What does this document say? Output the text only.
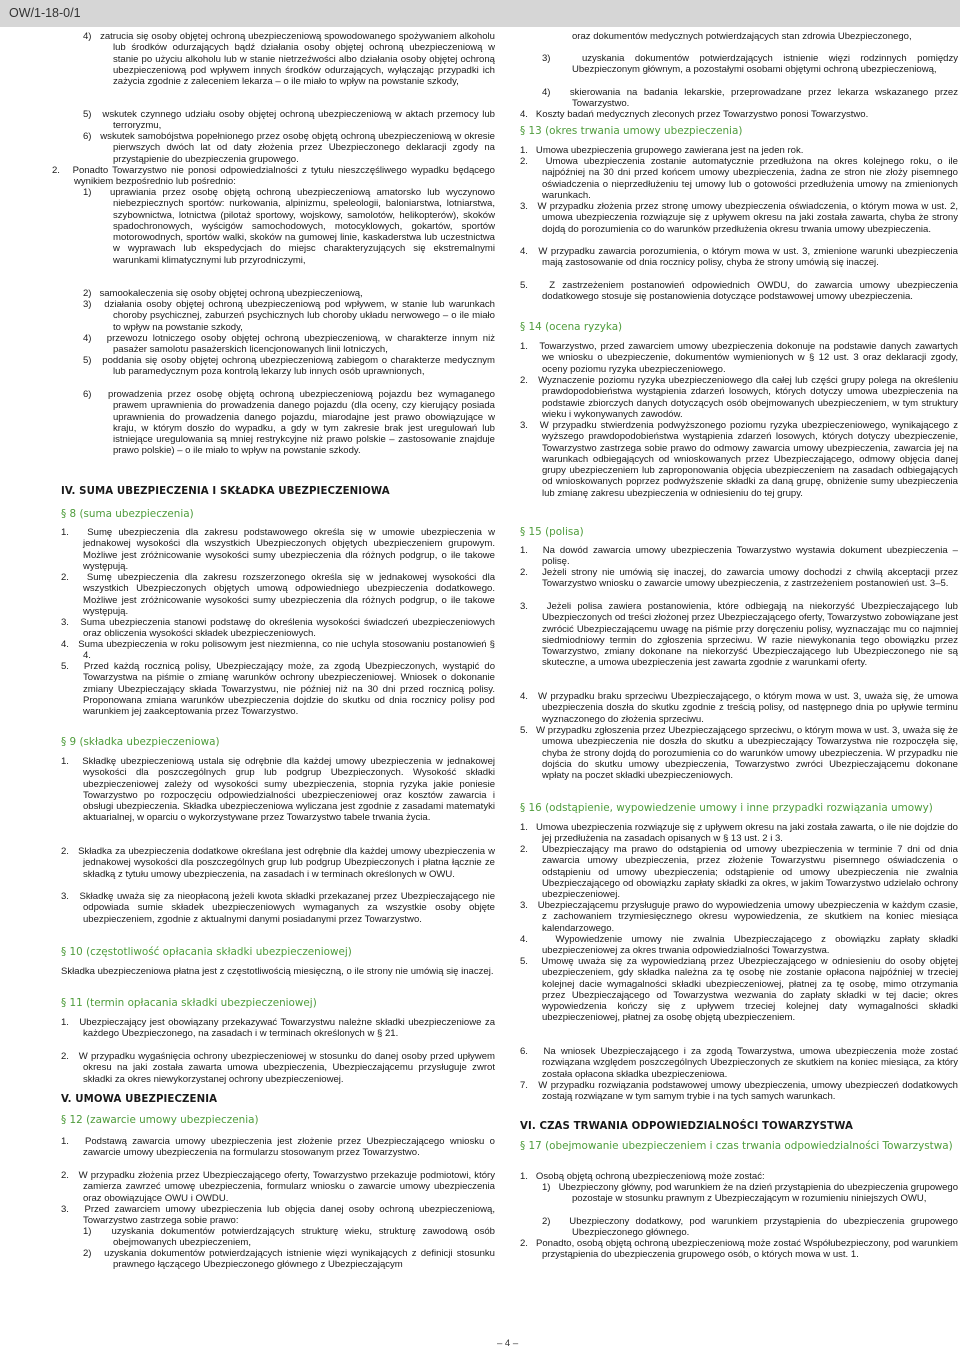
OW/1-18-0/1

4)   zatrucia się osoby objętej ochroną ubezpieczeniową spowodowanego spożywaniem alkoholu lub środków odurzających bądź działania osoby objętej ochroną ubezpieczeniową w stanie po użyciu alkoholu lub w stanie nietrzeźwości albo działania osoby objętej ochroną ubezpieczeniową pod wpływem innych środków odurzających, wyłączając przypadki ich zażycia zgodnie z zaleceniem lekarza – o ile miało to wpływ na powstanie szkody,

5)   wskutek czynnego udziału osoby objętej ochroną ubezpieczeniową w aktach przemocy lub terroryzmu,

6)   wskutek samobójstwa popełnionego przez osobę objętą ochroną ubezpieczeniową w okresie pierwszych dwóch lat od daty złożenia przez Ubezpieczonego deklaracji zgody na przystąpienie do ubezpieczenia grupowego.

2.   Ponadto Towarzystwo nie ponosi odpowiedzialności z tytułu nieszczęśliwego wypadku będącego wynikiem bezpośrednio lub pośrednio:

1)   uprawiania przez osobę objętą ochroną ubezpieczeniową amatorsko lub wyczynowo niebezpiecznych sportów: nurkowania, alpinizmu, speleologii, baloniarstwa, lotniarstwa, szybownictwa, lotnictwa (pilotaż sportowy, wojskowy, samolotów, helikopterów), skoków spadochronowych, wyścigów samochodowych, motocyklowych, gokartów, sportów motorowodnych, sportów walki, skoków na gumowej linie, kaskaderstwa lub uczestnictwa w wyprawach lub ekspedycjach do miejsc charakteryzujących się ekstremalnymi warunkami klimatycznymi lub przyrodniczymi,

2)   samookaleczenia się osoby objętej ochroną ubezpieczeniową,

3)   działania osoby objętej ochroną ubezpieczeniową pod wpływem, w stanie lub warunkach choroby psychicznej, zaburzeń psychicznych lub choroby układu nerwowego – o ile miało to wpływ na powstanie szkody,

4)   przewozu lotniczego osoby objętej ochroną ubezpieczeniową, w charakterze innym niż pasażer samolotu pasażerskich licencjonowanych linii lotniczych,

5)   poddania się osoby objętej ochroną ubezpieczeniową zabiegom o charakterze medycznym lub paramedycznym poza kontrolą lekarzy lub innych osób uprawnionych,

6)   prowadzenia przez osobę objętą ochroną ubezpieczeniową pojazdu bez wymaganego prawem uprawnienia do prowadzenia danego pojazdu (dla oceny, czy kierujący posiada uprawnienia do prowadzenia danego pojazdu, miarodajne jest prawo obowiązujące w kraju, w którym doszło do wypadku, a gdy w tym zakresie brak jest uregulowań lub istniejące uregulowania są mniej restrykcyjne niż prawo polskie – zastosowanie znajduje prawo polskie) – o ile miało to wpływ na powstanie szkody.

IV. SUMA UBEZPIECZENIA I SKŁADKA UBEZPIECZENIOWA

§ 8 (suma ubezpieczenia)

1.   Sumę ubezpieczenia dla zakresu podstawowego określa się w umowie ubezpieczenia w jednakowej wysokości dla wszystkich Ubezpieczonych objętych ubezpieczeniem grupowym. Możliwe jest zróżnicowanie wysokości sumy ubezpieczenia dla różnych podgrup, o ile takowe występują.

2.   Sumę ubezpieczenia dla zakresu rozszerzonego określa się w jednakowej wysokości dla wszystkich Ubezpieczonych objętych umową odpowiedniego ubezpieczenia dodatkowego. Możliwe jest zróżnicowanie wysokości sumy ubezpieczenia dla różnych podgrup, o ile takowe występują.

3.   Suma ubezpieczenia stanowi podstawę do określenia wysokości świadczeń ubezpieczeniowych oraz obliczenia wysokości składek ubezpieczeniowych.

4.   Suma ubezpieczenia w roku polisowym jest niezmienna, co nie uchyla stosowaniu postanowień § 4.

5.   Przed każdą rocznicą polisy, Ubezpieczający może, za zgodą Ubezpieczonych, wystąpić do Towarzystwa na piśmie o zmianę warunków ochrony ubezpieczeniowej. Wniosek o dokonanie zmiany Ubezpieczający składa Towarzystwu, nie później niż na 30 dni przed rocznicą polisy. Proponowana zmiana warunków ubezpieczenia dojdzie do skutku od dnia rocznicy polisy pod warunkiem jej zaakceptowania przez Towarzystwo.

§ 9 (składka ubezpieczeniowa)

1.   Składkę ubezpieczeniową ustala się odrębnie dla każdej umowy ubezpieczenia w jednakowej wysokości dla poszczególnych grup lub podgrup Ubezpieczonych. Wysokość składki ubezpieczeniowej zależy od wysokości sumy ubezpieczenia, stopnia ryzyka jakie poniesie Towarzystwo po rozpoczęciu odpowiedzialności ubezpieczeniowej oraz kosztów zawarcia i obsługi ubezpieczenia. Składka ubezpieczeniowa wyliczana jest zgodnie z zasadami matematyki aktuarialnej, w oparciu o wykorzystywane przez Towarzystwo tabele trwania życia.

2.   Składka za ubezpieczenia dodatkowe określana jest odrębnie dla każdej umowy ubezpieczenia w jednakowej wysokości dla poszczególnych grup lub podgrup Ubezpieczonych i płatna łącznie ze składką z tytułu umowy ubezpieczenia, na zasadach i w terminach określonych w OWU.

3.   Składkę uważa się za nieopłaconą jeżeli kwota składki przekazanej przez Ubezpieczającego nie odpowiada sumie składek ubezpieczeniowych wymaganych za wszystkie osoby objęte ubezpieczeniem, zgodnie z aktualnymi danymi posiadanymi przez Towarzystwo.

§ 10 (częstotliwość opłacania składki ubezpieczeniowej)

Składka ubezpieczeniowa płatna jest z częstotliwością miesięczną, o ile strony nie umówią się inaczej.

§ 11 (termin opłacania składki ubezpieczeniowej)

1.   Ubezpieczający jest obowiązany przekazywać Towarzystwu należne składki ubezpieczeniowe za każdego Ubezpieczonego, na zasadach i w terminach określonych w § 21.

2.   W przypadku wygaśnięcia ochrony ubezpieczeniowej w stosunku do danej osoby przed upływem okresu na jaki została zawarta umowa ubezpieczenia, Ubezpieczającemu przysługuje zwrot składki za okres niewykorzystanej ochrony ubezpieczeniowej.

V. UMOWA UBEZPIECZENIA

§ 12 (zawarcie umowy ubezpieczenia)

1.   Podstawą zawarcia umowy ubezpieczenia jest złożenie przez Ubezpieczającego wniosku o zawarcie umowy ubezpieczenia na formularzu stosowanym przez Towarzystwo.

2.   W przypadku złożenia przez Ubezpieczającego oferty, Towarzystwo przekazuje podmiotowi, który zamierza zawrzeć umowę ubezpieczenia, formularz wniosku o zawarcie umowy ubezpieczenia oraz obowiązujące OWU i OWDU.

3.   Przed zawarciem umowy ubezpieczenia lub objęcia danej osoby ochroną ubezpieczeniową, Towarzystwo zastrzega sobie prawo:

1)   uzyskania dokumentów potwierdzających strukturę wieku, strukturę zawodową osób obejmowanych ubezpieczeniem,

2)   uzyskania dokumentów potwierdzających istnienie więzi wynikających z definicji stosunku prawnego łączącego Ubezpieczonego głównego z Ubezpieczającym

oraz dokumentów medycznych potwierdzających stan zdrowia Ubezpieczonego,

3)   uzyskania dokumentów potwierdzających istnienie więzi rodzinnych pomiędzy Ubezpieczonym głównym, a pozostałymi osobami objętymi ochroną ubezpieczeniową,

4)   skierowania na badania lekarskie, przeprowadzane przez lekarza wskazanego przez Towarzystwo.

4.   Koszty badań medycznych zleconych przez Towarzystwo ponosi Towarzystwo.

§ 13 (okres trwania umowy ubezpieczenia)

1.   Umowa ubezpieczenia grupowego zawierana jest na jeden rok.

2.   Umowa ubezpieczenia zostanie automatycznie przedłużona na okres kolejnego roku, o ile najpóźniej na 30 dni przed końcem umowy ubezpieczenia, żadna ze stron nie złoży pisemnego oświadczenia o nieprzedłużeniu tej umowy lub o gotowości przedłużenia umowy na zmienionych warunkach.

3.   W przypadku złożenia przez stronę umowy ubezpieczenia oświadczenia, o którym mowa w ust. 2, umowa ubezpieczenia rozwiązuje się z upływem okresu na jaki została zawarta, chyba że strony dojdą do porozumienia co do warunków przedłużenia okresu trwania umowy ubezpieczenia.

4.   W przypadku zawarcia porozumienia, o którym mowa w ust. 3, zmienione warunki ubezpieczenia mają zastosowanie od dnia rocznicy polisy, chyba że strony umówią się inaczej.

5.   Z zastrzeżeniem postanowień odpowiednich OWDU, do zawarcia umowy ubezpieczenia dodatkowego stosuje się postanowienia dotyczące podstawowej umowy ubezpieczenia.

§ 14 (ocena ryzyka)

1.   Towarzystwo, przed zawarciem umowy ubezpieczenia dokonuje na podstawie danych zawartych we wniosku o ubezpieczenie, dokumentów wymienionych w § 12 ust. 3 oraz deklaracji zgody, oceny poziomu ryzyka ubezpieczeniowego.

2.   Wyznaczenie poziomu ryzyka ubezpieczeniowego dla całej lub części grupy polega na określeniu prawdopodobieństwa wystąpienia zdarzeń losowych, których dotyczy umowa ubezpieczenia na podstawie zbiorczych danych dotyczących osób obejmowanych ubezpieczeniem, w tym struktury wieku i wykonywanych zawodów.

3.   W przypadku stwierdzenia podwyższonego poziomu ryzyka ubezpieczeniowego, wynikającego z wyższego prawdopodobieństwa wystąpienia zdarzeń losowych, których dotyczy ubezpieczenie, Towarzystwo zastrzega sobie prawo do odmowy zawarcia umowy ubezpieczenia, zawarcia jej na warunkach odbiegających od wnioskowanych przez Ubezpieczającego, odmowy objęcia danej grupy ubezpieczeniem lub zaproponowania objęcia ubezpieczeniem na zasadach odbiegających od wnioskowanych poprzez podwyższenie składki za daną grupę, obniżenie sumy ubezpieczenia lub zmianę zakresu ubezpieczenia w odniesieniu do tej grupy.

§ 15 (polisa)

1.   Na dowód zawarcia umowy ubezpieczenia Towarzystwo wystawia dokument ubezpieczenia – polisę.

2.   Jeżeli strony nie umówią się inaczej, do zawarcia umowy dochodzi z chwilą akceptacji przez Towarzystwo wniosku o zawarcie umowy ubezpieczenia, z zastrzeżeniem postanowień ust. 3–5.

3.   Jeżeli polisa zawiera postanowienia, które odbiegają na niekorzyść Ubezpieczającego lub Ubezpieczonych od treści złożonej przez Ubezpieczającego oferty, Towarzystwo zobowiązane jest zwrócić Ubezpieczającemu uwagę na piśmie przy doręczeniu polisy, wyznaczając mu co najmniej siedmiodniowy termin do zgłoszenia sprzeciwu. W razie niewykonania tego obowiązku przez Towarzystwo, zmiany dokonane na niekorzyść Ubezpieczającego lub Ubezpieczonego nie są skuteczne, a umowa ubezpieczenia jest zawarta zgodnie z warunkami oferty.

4.   W przypadku braku sprzeciwu Ubezpieczającego, o którym mowa w ust. 3, uważa się, że umowa ubezpieczenia doszła do skutku zgodnie z treścią polisy, od następnego dnia po upływie terminu wyznaczonego do złożenia sprzeciwu.

5.   W przypadku zgłoszenia przez Ubezpieczającego sprzeciwu, o którym mowa w ust. 3, uważa się że umowa ubezpieczenia nie doszła do skutku a ubezpieczający Towarzystwa nie rozpoczęła się, chyba że strony dojdą do porozumienia co do warunków umowy ubezpieczenia. W przypadku nie dojścia do skutku umowy ubezpieczenia, Towarzystwo zwróci Ubezpieczającemu dokonane wpłaty na poczet składki ubezpieczeniowych.

§ 16 (odstąpienie, wypowiedzenie umowy i inne przypadki rozwiązania umowy)

1.   Umowa ubezpieczenia rozwiązuje się z upływem okresu na jaki została zawarta, o ile nie dojdzie do jej przedłużenia na zasadach opisanych w § 13 ust. 2 i 3.

2.   Ubezpieczający ma prawo do odstąpienia od umowy ubezpieczenia w terminie 7 dni od dnia zawarcia umowy ubezpieczenia, przez złożenie Towarzystwu pisemnego oświadczenia o odstąpieniu od umowy ubezpieczenia; odstąpienie od umowy ubezpieczenia nie zwalnia Ubezpieczającego od obowiązku zapłaty składki za okres, w jakim Towarzystwo udzielało ochrony ubezpieczeniowej.

3.   Ubezpieczającemu przysługuje prawo do wypowiedzenia umowy ubezpieczenia w każdym czasie, z zachowaniem trzymiesięcznego okresu wypowiedzenia, ze skutkiem na koniec miesiąca kalendarzowego.

4.   Wypowiedzenie umowy nie zwalnia Ubezpieczającego z obowiązku zapłaty składki ubezpieczeniowej za okres trwania odpowiedzialności Towarzystwa.

5.   Umowę uważa się za wypowiedzianą przez Ubezpieczającego w odniesieniu do osoby objętej ubezpieczeniem, gdy składka należna za tę osobę nie zostanie opłacona najpóźniej w trzeciej kolejnej dacie wymagalności składki ubezpieczeniowej, płatnej za tę osobę, mimo otrzymania przez Ubezpieczającego od Towarzystwa wezwania do zapłaty składki w tej dacie; okres wypowiedzenia kończy się z upływem trzeciej kolejnej daty wymagalności składki ubezpieczeniowej, płatnej za osobę objętą ubezpieczeniem.

6.   Na wniosek Ubezpieczającego i za zgodą Towarzystwa, umowa ubezpieczenia może zostać rozwiązana względem poszczególnych Ubezpieczonych ze skutkiem na koniec miesiąca, za który została opłacona składka ubezpieczeniowa.

7.   W przypadku rozwiązania podstawowej umowy ubezpieczenia, umowy ubezpieczeń dodatkowych zostają rozwiązane w tym samym trybie i na tych samych warunkach.

VI. CZAS TRWANIA ODPOWIEDZIALNOŚCI TOWARZYSTWA

§ 17 (obejmowanie ubezpieczeniem i czas trwania odpowiedzialności Towarzystwa)

1.   Osobą objętą ochroną ubezpieczeniową może zostać:

1)   Ubezpieczony główny, pod warunkiem że na dzień przystąpienia do ubezpieczenia grupowego pozostaje w stosunku prawnym z Ubezpieczającym w rozumieniu niniejszych OWU,

2)   Ubezpieczony dodatkowy, pod warunkiem przystąpienia do ubezpieczenia grupowego Ubezpieczonego głównego.

2.   Ponadto, osobą objętą ochroną ubezpieczeniową może zostać Współubezpieczony, pod warunkiem przystąpienia do ubezpieczenia grupowego osób, o których mowa w ust. 1.

– 4 –
